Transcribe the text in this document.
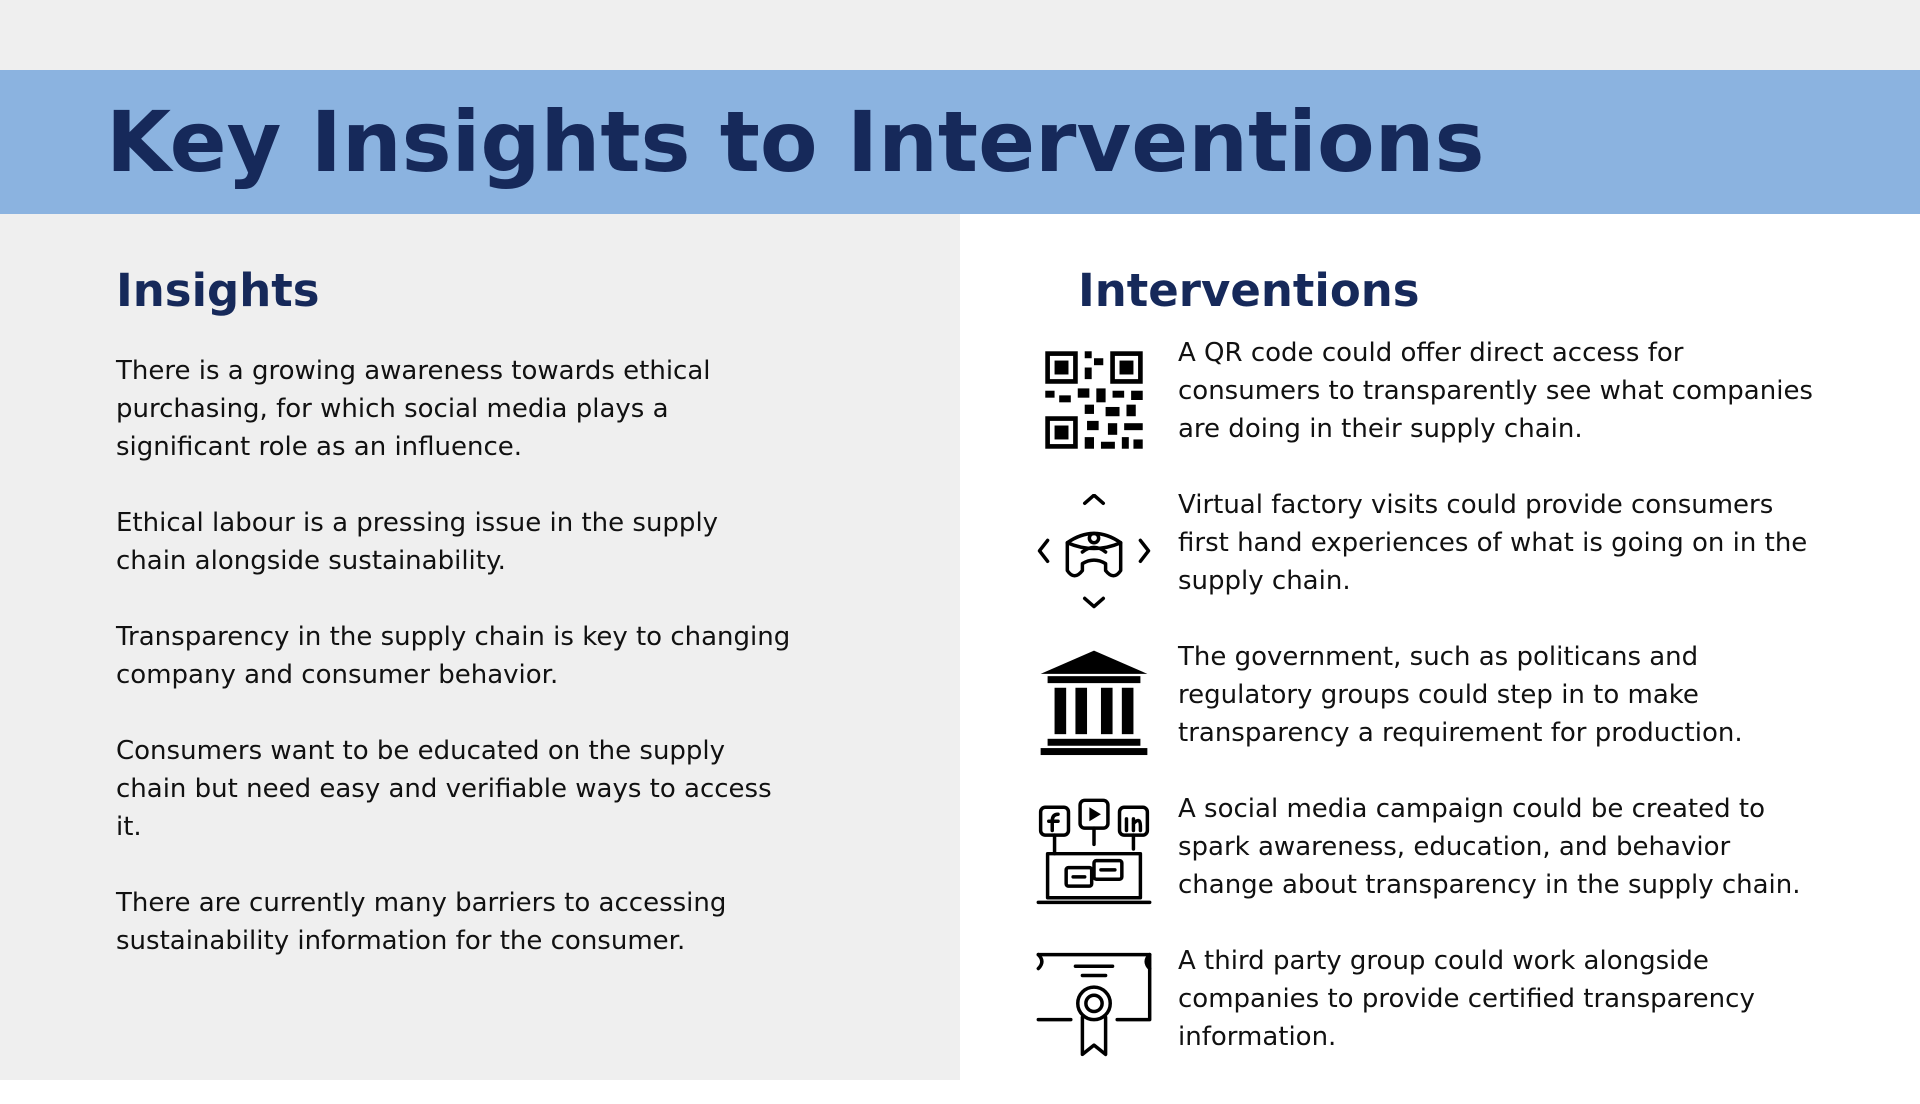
Key Insights to Interventions
Insights
There is a growing awareness towards ethical purchasing, for which social media plays a significant role as an influence.
Ethical labour is a pressing issue in the supply chain alongside sustainability.
Transparency in the supply chain is key to changing company and consumer behavior.
Consumers want to be educated on the supply chain but need easy and verifiable ways to access it.
There are currently many barriers to accessing sustainability information for the consumer.
Interventions
A QR code could offer direct access for consumers to transparently see what companies are doing in their supply chain.
Virtual factory visits could provide consumers first hand experiences of what is going on in the supply chain.
The government, such as politicans and regulatory groups could step in to make transparency a requirement for production.
A social media campaign could be created to spark awareness, education, and behavior change about transparency in the supply chain.
A third party group could work alongside companies to provide certified transparency information.
